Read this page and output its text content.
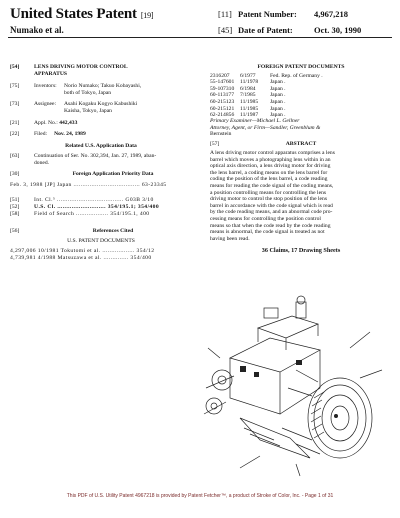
United States Patent [19]
Numako et al.
[11] Patent Number: 4,967,218
[45] Date of Patent: Oct. 30, 1990
[54]	LENS DRIVING MOTOR CONTROL
APPARATUS
[75]	Inventors: Norio Numako; Takuo Kobayashi,
both of Tokyo, Japan
[73]	Assignee: Asahi Kogaku Kogyo Kabushiki
Kaisha, Tokyo, Japan
[21]	Appl. No.: 442,433
[22]	Filed: Nov. 24, 1989
Related U.S. Application Data
[63]	Continuation of Ser. No. 302,394, Jan. 27, 1989, aban-
doned.
[30]	Foreign Application Priority Data
Feb. 3, 1988 [JP] Japan ..................................... 63-23345
[51]	Int. Cl.⁵ ..................................... G03B 3/10
[52]	U.S. Cl. ........................... 354/195.1; 354/400
[58]	Field of Search .................. 354/195.1, 400
[56]	References Cited
U.S. PATENT DOCUMENTS
4,297,006 10/1981 Tokutomi et al. .................. 354/12
4,739,981 4/1988 Matsuzawa et al. .............. 354/400
FOREIGN PATENT DOCUMENTS
2316207 6/1977	Fed. Rep. of Germany .
55-147601 11/1978 Japan .
59-107310 6/1984	Japan .
60-113177 7/1985	Japan .
60-215123 11/1985 Japan .
60-215121 11/1985 Japan .
62-214856 11/1987 Japan .
Primary Examiner—Michael L. Gellner
Attorney, Agent, or Firm—Sandler, Greenblum &
Bernstein
[57]	ABSTRACT
A lens driving motor control apparatus comprises a lens
barrel which moves a photographing lens within in an
optical axis direction, a lens driving motor for driving
the lens barrel, a coding means on the lens barrel for
coding the position of the lens barrel, a code reading
means for reading the code signal of the coding means,
a position controlling means for controlling the lens
driving motor to control the stop position of the lens
barrel in accordance with the code signal which is read
by the code reading means, and an abnormal code pro-
cessing means for controlling the position control
means so that when the code read by the code reading
means is abnormal, the code signal is treated as not
having been read.
36 Claims, 17 Drawing Sheets
This PDF of U.S. Utility Patent 4967218 is provided by Patent Fetcher™, a product of Stroke of Color, Inc. - Page 1 of 31
